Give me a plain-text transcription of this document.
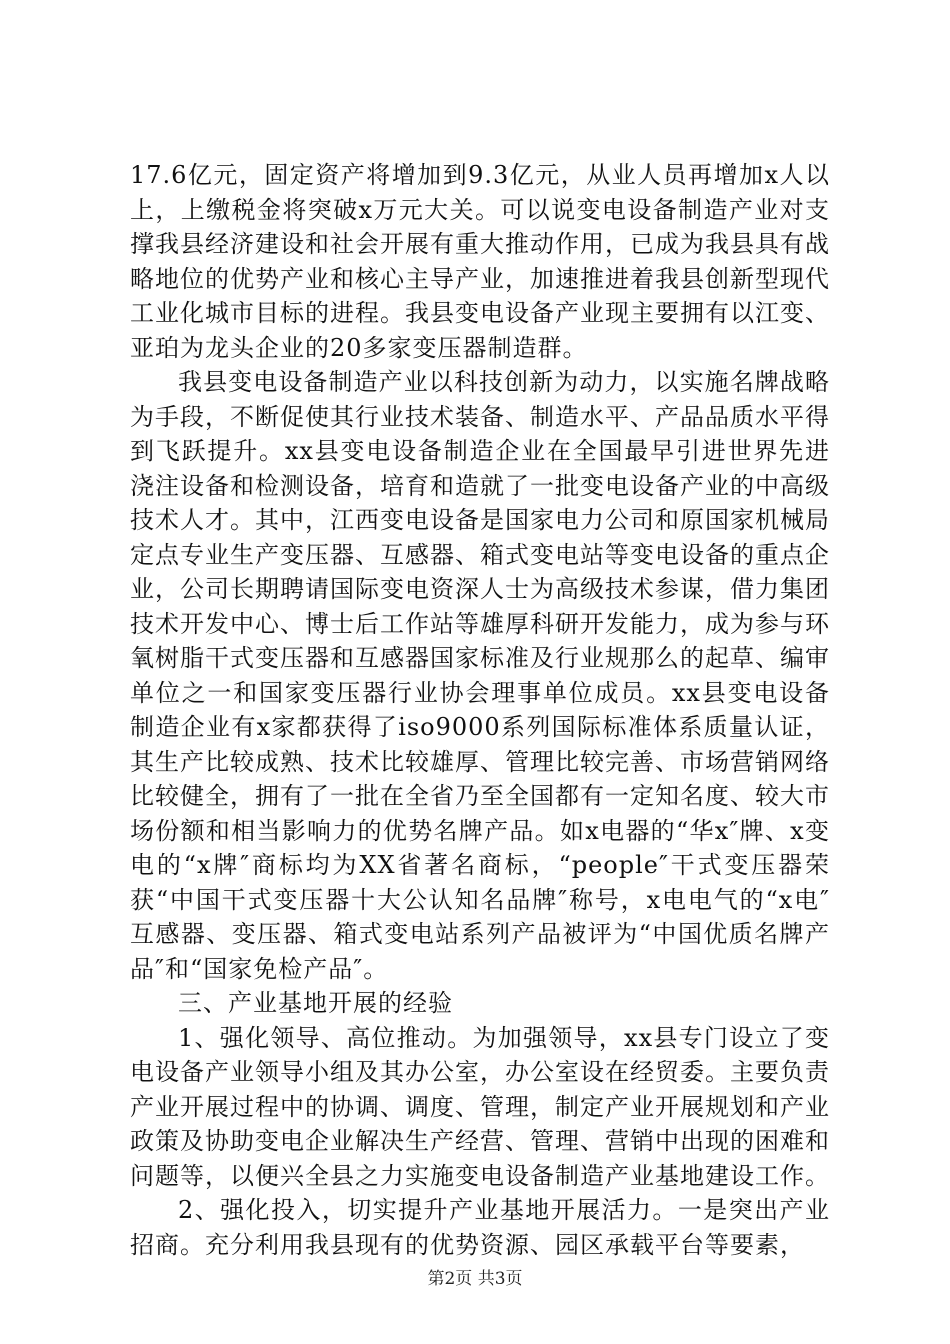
17.6亿元，固定资产将增加到9.3亿元，从业人员再增加x人以上，上缴税金将突破x万元大关。可以说变电设备制造产业对支撑我县经济建设和社会开展有重大推动作用，已成为我县具有战略地位的优势产业和核心主导产业，加速推进着我县创新型现代工业化城市目标的进程。我县变电设备产业现主要拥有以江变、亚珀为龙头企业的20多家变压器制造群。

我县变电设备制造产业以科技创新为动力，以实施名牌战略为手段，不断促使其行业技术装备、制造水平、产品品质水平得到飞跃提升。xx县变电设备制造企业在全国最早引进世界先进浇注设备和检测设备，培育和造就了一批变电设备产业的中高级技术人才。其中，江西变电设备是国家电力公司和原国家机械局定点专业生产变压器、互感器、箱式变电站等变电设备的重点企业，公司长期聘请国际变电资深人士为高级技术参谋，借力集团技术开发中心、博士后工作站等雄厚科研开发能力，成为参与环氧树脂干式变压器和互感器国家标准及行业规那么的起草、编审单位之一和国家变压器行业协会理事单位成员。xx县变电设备制造企业有x家都获得了iso9000系列国际标准体系质量认证，其生产比较成熟、技术比较雄厚、管理比较完善、市场营销网络比较健全，拥有了一批在全省乃至全国都有一定知名度、较大市场份额和相当影响力的优势名牌产品。如x电器的“华x″牌、x变电的“x牌″商标均为XX省著名商标，“people″干式变压器荣获“中国干式变压器十大公认知名品牌″称号，x电电气的“x电″互感器、变压器、箱式变电站系列产品被评为“中国优质名牌产品″和“国家免检产品″。

三、产业基地开展的经验

1、强化领导、高位推动。为加强领导，xx县专门设立了变电设备产业领导小组及其办公室，办公室设在经贸委。主要负责产业开展过程中的协调、调度、管理，制定产业开展规划和产业政策及协助变电企业解决生产经营、管理、营销中出现的困难和问题等，以便兴全县之力实施变电设备制造产业基地建设工作。

2、强化投入，切实提升产业基地开展活力。一是突出产业招商。充分利用我县现有的优势资源、园区承载平台等要素，

第2页 共3页
